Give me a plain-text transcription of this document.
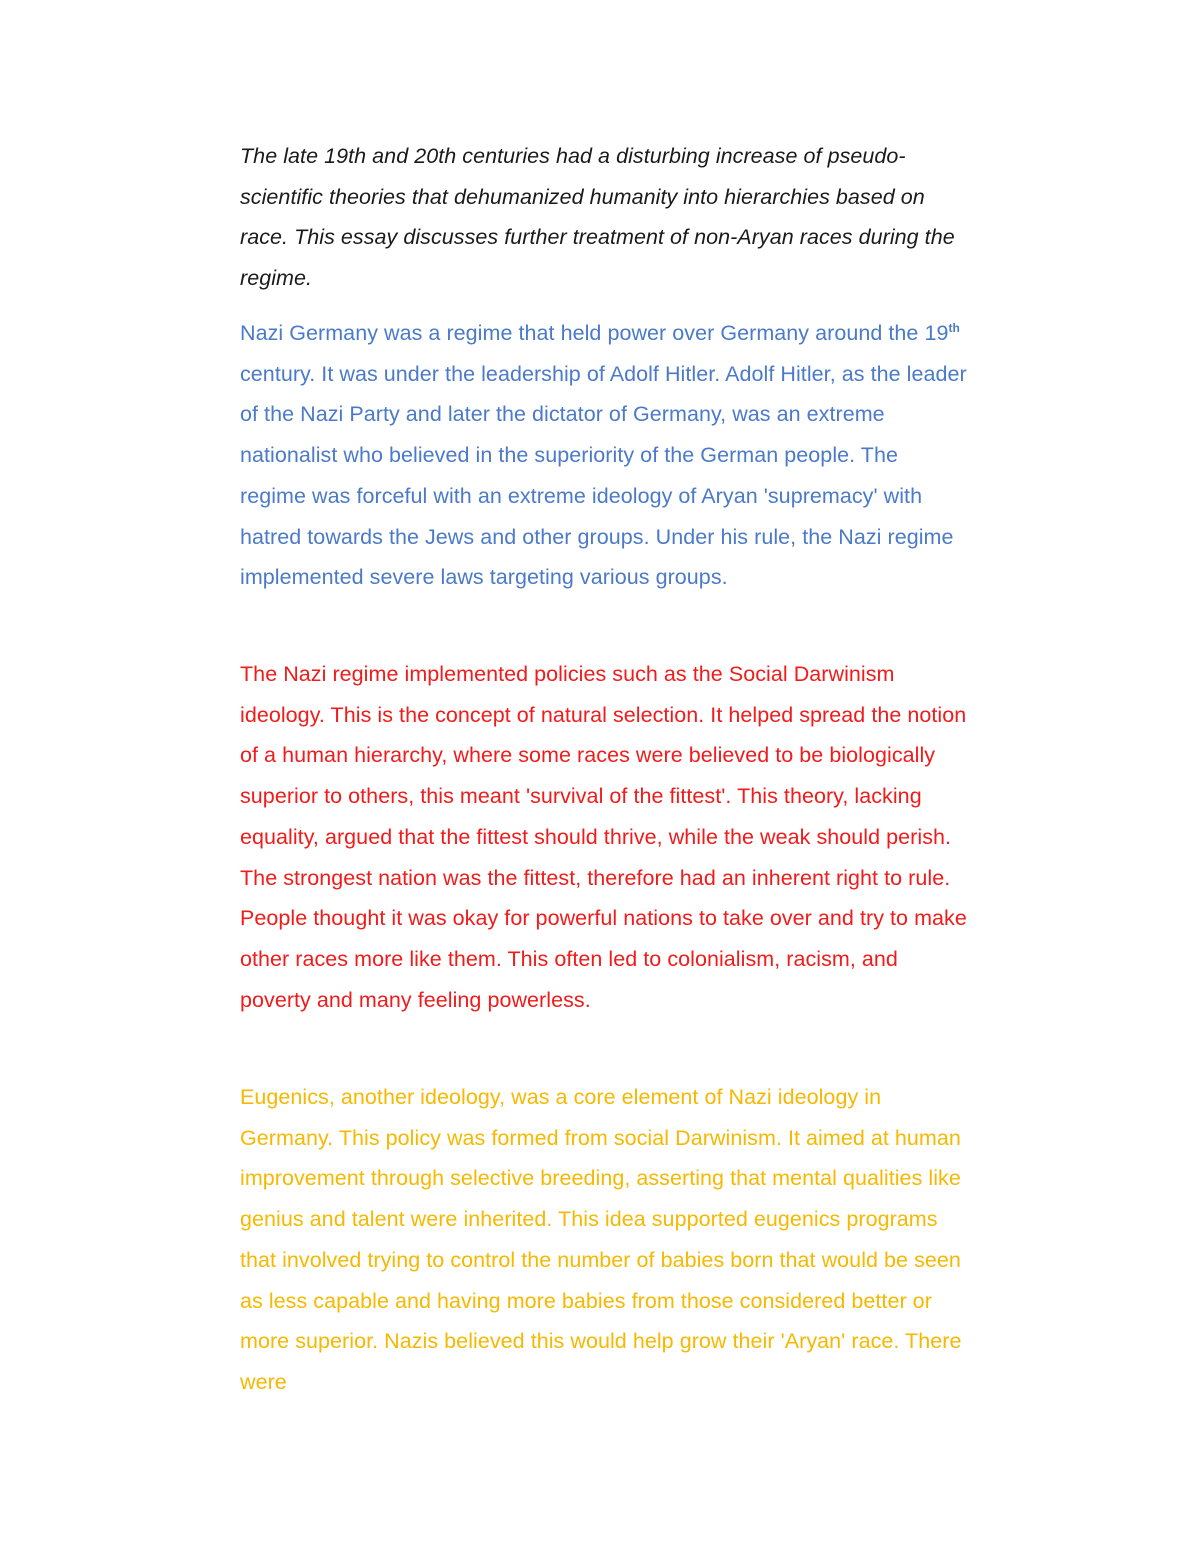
The late 19th and 20th centuries had a disturbing increase of pseudo-scientific theories that dehumanized humanity into hierarchies based on race. This essay discusses further treatment of non-Aryan races during the regime.

Nazi Germany was a regime that held power over Germany around the 19th century. It was under the leadership of Adolf Hitler. Adolf Hitler, as the leader of the Nazi Party and later the dictator of Germany, was an extreme nationalist who believed in the superiority of the German people. The regime was forceful with an extreme ideology of Aryan 'supremacy' with hatred towards the Jews and other groups. Under his rule, the Nazi regime implemented severe laws targeting various groups.

The Nazi regime implemented policies such as the Social Darwinism ideology. This is the concept of natural selection. It helped spread the notion of a human hierarchy, where some races were believed to be biologically superior to others, this meant 'survival of the fittest'. This theory, lacking equality, argued that the fittest should thrive, while the weak should perish. The strongest nation was the fittest, therefore had an inherent right to rule. People thought it was okay for powerful nations to take over and try to make other races more like them. This often led to colonialism, racism, and poverty and many feeling powerless.

Eugenics, another ideology, was a core element of Nazi ideology in Germany. This policy was formed from social Darwinism. It aimed at human improvement through selective breeding, asserting that mental qualities like genius and talent were inherited. This idea supported eugenics programs that involved trying to control the number of babies born that would be seen as less capable and having more babies from those considered better or more superior. Nazis believed this would help grow their 'Aryan' race. There were
